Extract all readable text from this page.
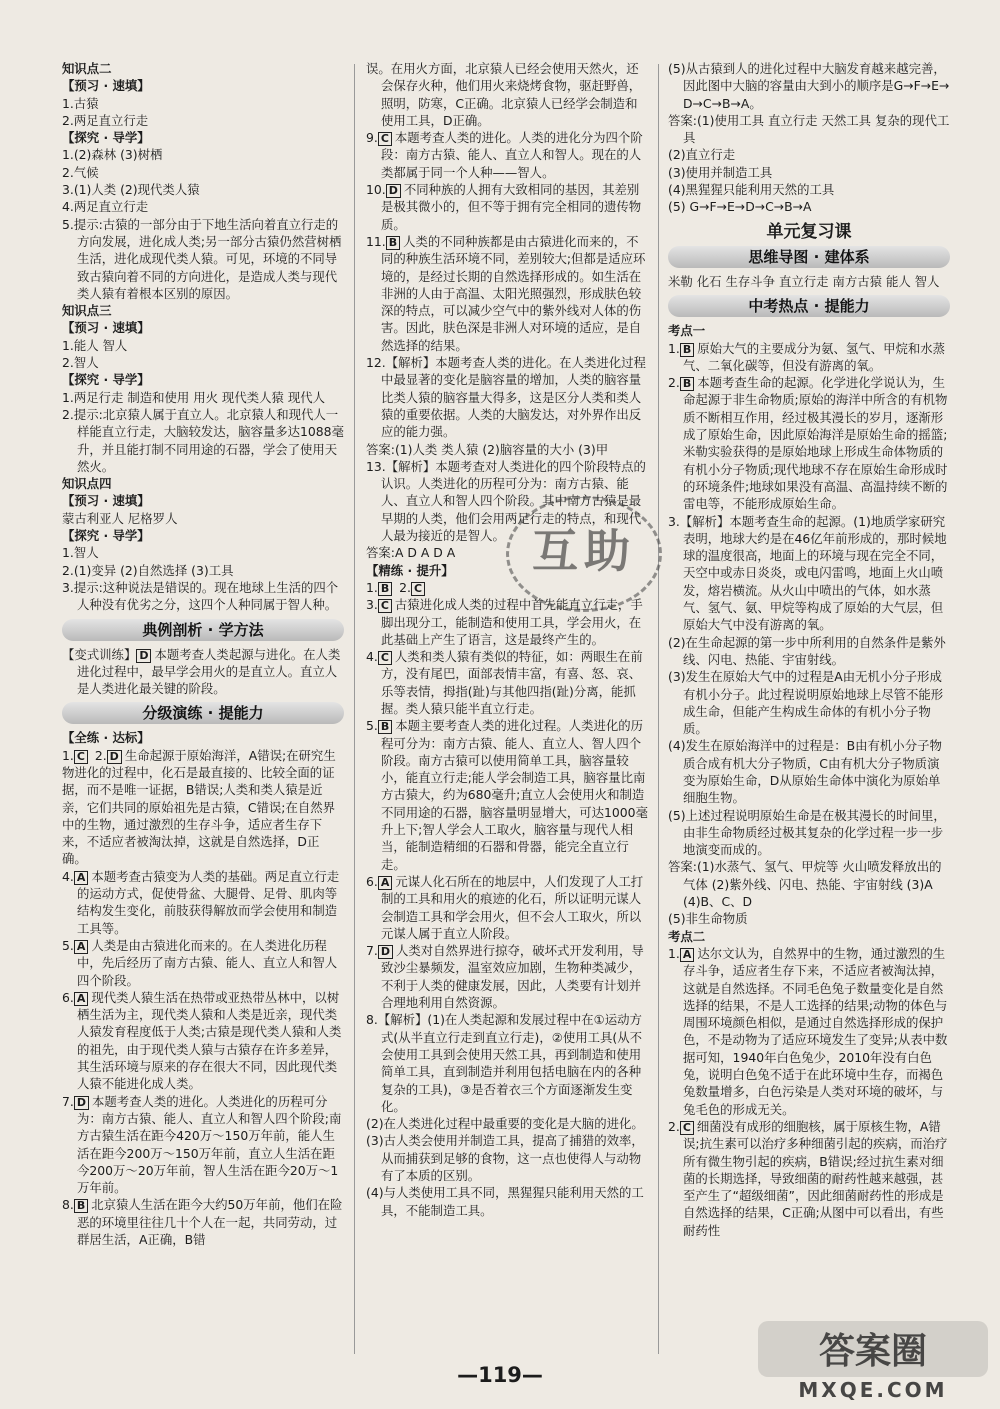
知识点二

【预习 · 速填】

1.古猿

2.两足直立行走

【探究 · 导学】

1.(2)森林 (3)树栖

2.气候

3.(1)人类 (2)现代类人猿

4.两足直立行走

5.提示:古猿的一部分由于下地生活向着直立行走的方向发展，进化成人类;另一部分古猿仍然营树栖生活，进化成现代类人猿。可见，环境的不同导致古猿向着不同的方向进化，是造成人类与现代类人猿有着根本区别的原因。

知识点三

【预习 · 速填】

1.能人 智人

2.智人

【探究 · 导学】

1.两足行走 制造和使用 用火 现代类人猿 现代人

2.提示:北京猿人属于直立人。北京猿人和现代人一样能直立行走，大脑较发达，脑容量多达1088毫升，并且能打制不同用途的石器，学会了使用天然火。

知识点四

【预习 · 速填】

蒙古利亚人 尼格罗人

【探究 · 导学】

1.智人

2.(1)变异 (2)自然选择 (3)工具

3.提示:这种说法是错误的。现在地球上生活的四个人种没有优劣之分，这四个人种同属于智人种。

典例剖析 · 学方法

【变式训练】 D 本题考查人类起源与进化。在人类进化过程中，最早学会用火的是直立人。直立人是人类进化最关键的阶段。

分级演练 · 提能力

【全练 · 达标】

1. C 2. D 生命起源于原始海洋，A错误;在研究生物进化的过程中，化石是最直接的、比较全面的证据，而不是唯一证据，B错误;人类和类人猿是近亲，它们共同的原始祖先是古猿，C错误;在自然界中的生物，通过激烈的生存斗争，适应者生存下来，不适应者被淘汰掉，这就是自然选择，D正确。

4. A 本题考查古猿变为人类的基础。两足直立行走的运动方式，促使骨盆、大腿骨、足骨、肌肉等结构发生变化，前肢获得解放而学会使用和制造工具等。

5. A 人类是由古猿进化而来的。在人类进化历程中，先后经历了南方古猿、能人、直立人和智人四个阶段。

6. A 现代类人猿生活在热带或亚热带丛林中，以树栖生活为主，现代类人猿和人类是近亲，现代类人猿发育程度低于人类;古猿是现代类人猿和人类的祖先，由于现代类人猿与古猿存在许多差异，其生活环境与原来的存在很大不同，因此现代类人猿不能进化成人类。

7. D 本题考查人类的进化。人类进化的历程可分为：南方古猿、能人、直立人和智人四个阶段;南方古猿生活在距今420万～150万年前，能人生活在距今200万～150万年前，直立人生活在距今200万～20万年前，智人生活在距今20万～1万年前。

8. B 北京猿人生活在距今大约50万年前，他们在险恶的环境里往往几十个人在一起，共同劳动，过群居生活，A正确，B错

误。在用火方面，北京猿人已经会使用天然火，还会保存火种，他们用火来烧烤食物，驱赶野兽，照明，防寒，C正确。北京猿人已经学会制造和使用工具，D正确。

9. C 本题考查人类的进化。人类的进化分为四个阶段：南方古猿、能人、直立人和智人。现在的人类都属于同一个人种——智人。

10. D 不同种族的人拥有大致相同的基因，其差别是极其微小的，但不等于拥有完全相同的遗传物质。

11. B 人类的不同种族都是由古猿进化而来的，不同的种族生活环境不同，差别较大;但都是适应环境的，是经过长期的自然选择形成的。如生活在非洲的人由于高温、太阳光照强烈，形成肤色较深的特点，可以减少空气中的紫外线对人体的伤害。因此，肤色深是非洲人对环境的适应，是自然选择的结果。

12.【解析】本题考查人类的进化。在人类进化过程中最显著的变化是脑容量的增加，人类的脑容量比类人猿的脑容量大得多，这是区分人类和类人猿的重要依据。人类的大脑发达，对外界作出反应的能力强。

答案:(1)人类 类人猿 (2)脑容量的大小 (3)甲

13.【解析】本题考查对人类进化的四个阶段特点的认识。人类进化的历程可分为：南方古猿、能人、直立人和智人四个阶段。其中南方古猿是最早期的人类，他们会用两足行走的特点，和现代人最为接近的是智人。

答案:A D A D A

【精练 · 提升】

1. B 2. C

3. C 古猿进化成人类的过程中首先能直立行走，手脚出现分工，能制造和使用工具，学会用火，在此基础上产生了语言，这是最终产生的。

4. C 人类和类人猿有类似的特征，如：两眼生在前方，没有尾巴，面部表情丰富，有喜、怒、哀、乐等表情，拇指(趾)与其他四指(趾)分离，能抓握。类人猿只能半直立行走。

5. B 本题主要考查人类的进化过程。人类进化的历程可分为：南方古猿、能人、直立人、智人四个阶段。南方古猿可以使用简单工具，脑容量较小，能直立行走;能人学会制造工具，脑容量比南方古猿大，约为680毫升;直立人会使用火和制造不同用途的石器，脑容量明显增大，可达1000毫升上下;智人学会人工取火，脑容量与现代人相当，能制造精细的石器和骨器，能完全直立行走。

6. A 元谋人化石所在的地层中，人们发现了人工打制的工具和用火的痕迹的化石，所以证明元谋人会制造工具和学会用火，但不会人工取火，所以元谋人属于直立人阶段。

7. D 人类对自然界进行掠夺，破坏式开发利用，导致沙尘暴频发，温室效应加剧，生物种类减少，不利于人类的健康发展，因此，人类要有计划并合理地利用自然资源。

8.【解析】(1)在人类起源和发展过程中在①运动方式(从半直立行走到直立行走)，②使用工具(从不会使用工具到会使用天然工具，再到制造和使用简单工具，直到制造并利用包括电脑在内的各种复杂的工具)，③是否着衣三个方面逐渐发生变化。

(2)在人类进化过程中最重要的变化是大脑的进化。

(3)古人类会使用并制造工具，提高了捕猎的效率，从而捕获到足够的食物，这一点也使得人与动物有了本质的区别。

(4)与人类使用工具不同，黑猩猩只能利用天然的工具，不能制造工具。

(5)从古猿到人的进化过程中大脑发育越来越完善，因此图中大脑的容量由大到小的顺序是G→F→E→D→C→B→A。

答案:(1)使用工具 直立行走 天然工具 复杂的现代工具

(2)直立行走

(3)使用并制造工具

(4)黑猩猩只能利用天然的工具

(5) G→F→E→D→C→B→A

单元复习课
思维导图 · 建体系

米勒 化石 生存斗争 直立行走 南方古猿 能人 智人

中考热点 · 提能力

考点一

1. B 原始大气的主要成分为氨、氢气、甲烷和水蒸气、二氧化碳等，但没有游离的氧。

2. B 本题考查生命的起源。化学进化学说认为，生命起源于非生命物质;原始的海洋中所含的有机物质不断相互作用，经过极其漫长的岁月，逐渐形成了原始生命，因此原始海洋是原始生命的摇篮;米勒实验获得的是原始地球上形成生命体物质的有机小分子物质;现代地球不存在原始生命形成时的环境条件;地球如果没有高温、高温持续不断的雷电等，不能形成原始生命。

3.【解析】本题考查生命的起源。(1)地质学家研究表明，地球大约是在46亿年前形成的，那时候地球的温度很高，地面上的环境与现在完全不同，天空中或赤日炎炎，或电闪雷鸣，地面上火山喷发，熔岩横流。从火山中喷出的气体，如水蒸气、氢气、氨、甲烷等构成了原始的大气层，但原始大气中没有游离的氧。

(2)在生命起源的第一步中所利用的自然条件是紫外线、闪电、热能、宇宙射线。

(3)发生在原始大气中的过程是A由无机小分子形成有机小分子。此过程说明原始地球上尽管不能形成生命，但能产生构成生命体的有机小分子物质。

(4)发生在原始海洋中的过程是：B由有机小分子物质合成有机大分子物质，C由有机大分子物质演变为原始生命，D从原始生命体中演化为原始单细胞生物。

(5)上述过程说明原始生命是在极其漫长的时间里，由非生命物质经过极其复杂的化学过程一步一步地演变而成的。

答案:(1)水蒸气、氢气、甲烷等 火山喷发释放出的气体 (2)紫外线、闪电、热能、宇宙射线 (3)A (4)B、C、D

(5)非生命物质

考点二

1. A 达尔文认为，自然界中的生物，通过激烈的生存斗争，适应者生存下来，不适应者被淘汰掉，这就是自然选择。不同毛色兔子数量变化是自然选择的结果，不是人工选择的结果;动物的体色与周围环境颜色相似，是通过自然选择形成的保护色，不是动物为了适应环境发生了变异;从表中数据可知，1940年白色兔少，2010年没有白色兔，说明白色兔不适于在此环境中生存，而褐色兔数量增多，白色污染是人类对环境的破坏，与兔毛色的形成无关。

2. C 细菌没有成形的细胞核，属于原核生物，A错误;抗生素可以治疗多种细菌引起的疾病，而治疗所有微生物引起的疾病，B错误;经过抗生素对细菌的长期选择，导致细菌的耐药性越来越强，甚至产生了“超级细菌”，因此细菌耐药性的形成是自然选择的结果，C正确;从图中可以看出，有些耐药性

互助
—119—
答案圈
MXQE.COM
